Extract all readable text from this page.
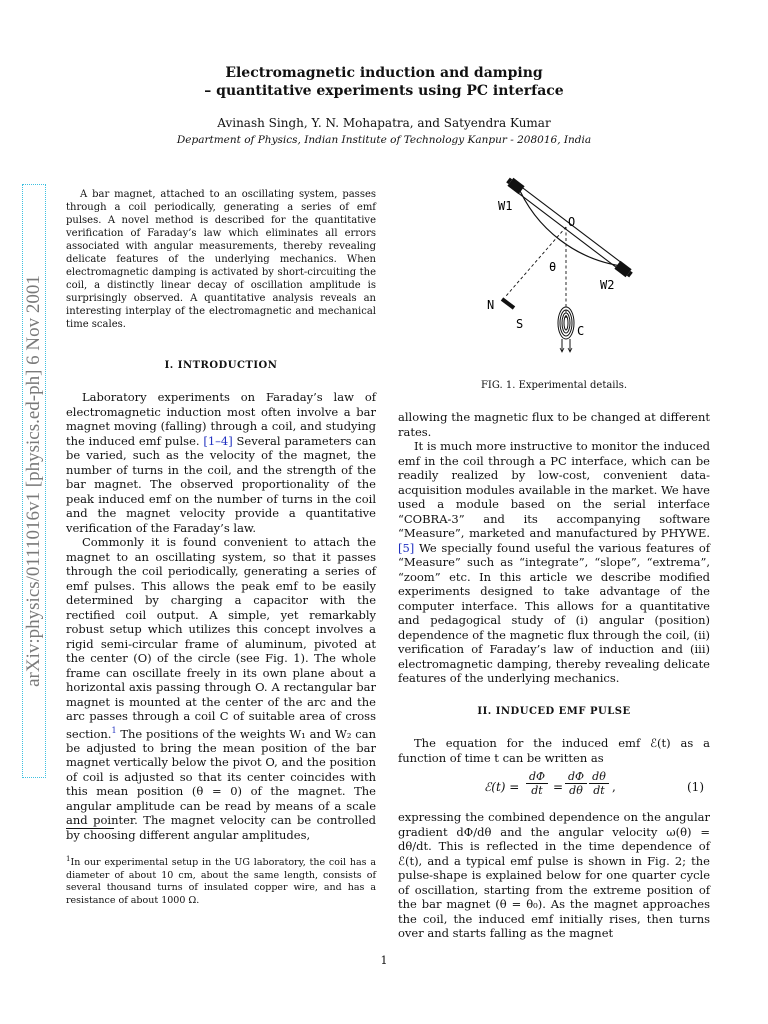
Electromagnetic induction and damping
– quantitative experiments using PC interface
Avinash Singh, Y. N. Mohapatra, and Satyendra Kumar
Department of Physics, Indian Institute of Technology Kanpur - 208016, India
arXiv:physics/0111016v1 [physics.ed-ph] 6 Nov 2001

A bar magnet, attached to an oscillating system, passes through a coil periodically, generating a series of emf pulses. A novel method is described for the quantitative verification of Faraday’s law which eliminates all errors associated with angular measurements, thereby revealing delicate features of the underlying mechanics. When electromagnetic damping is activated by short-circuiting the coil, a distinctly linear decay of oscillation amplitude is surprisingly observed. A quantitative analysis reveals an interesting interplay of the electromagnetic and mechanical time scales.

I. INTRODUCTION

Laboratory experiments on Faraday’s law of electromagnetic induction most often involve a bar magnet moving (falling) through a coil, and studying the induced emf pulse. [1–4] Several parameters can be varied, such as the velocity of the magnet, the number of turns in the coil, and the strength of the bar magnet. The observed proportionality of the peak induced emf on the number of turns in the coil and the magnet velocity provide a quantitative verification of the Faraday’s law.

Commonly it is found convenient to attach the magnet to an oscillating system, so that it passes through the coil periodically, generating a series of emf pulses. This allows the peak emf to be easily determined by charging a capacitor with the rectified coil output. A simple, yet remarkably robust setup which utilizes this concept involves a rigid semi-circular frame of aluminum, pivoted at the center (O) of the circle (see Fig. 1). The whole frame can oscillate freely in its own plane about a horizontal axis passing through O. A rectangular bar magnet is mounted at the center of the arc and the arc passes through a coil C of suitable area of cross section.$^1$ The positions of the weights W₁ and W₂ can be adjusted to bring the mean position of the bar magnet vertically below the pivot O, and the position of coil is adjusted so that its center coincides with this mean position (θ = 0) of the magnet. The angular amplitude can be read by means of a scale and pointer. The magnet velocity can be controlled by choosing different angular amplitudes,

$^1$In our experimental setup in the UG laboratory, the coil has a diameter of about 10 cm, about the same length, consists of several thousand turns of insulated copper wire, and has a resistance of about 1000 Ω.
W1
O
θ
W2
N
S	C
FIG. 1. Experimental details.

allowing the magnetic flux to be changed at different rates.

It is much more instructive to monitor the induced emf in the coil through a PC interface, which can be readily realized by low-cost, convenient data-acquisition modules available in the market. We have used a module based on the serial interface “COBRA-3” and its accompanying software “Measure”, marketed and manufactured by PHYWE. [5] We specially found useful the various features of “Measure” such as “integrate”, “slope”, “extrema”, “zoom” etc. In this article we describe modified experiments designed to take advantage of the computer interface. This allows for a quantitative and pedagogical study of (i) angular (position) dependence of the magnetic flux through the coil, (ii) verification of Faraday’s law of induction and (iii) electromagnetic damping, thereby revealing delicate features of the underlying mechanics.

II. INDUCED EMF PULSE

The equation for the induced emf ℰ(t) as a function of time t can be written as

ℰ(t) = $\frac{d\Phi}{dt} = \frac{d\Phi}{d\theta} \frac{d\theta}{dt}$ ,	(1)

expressing the combined dependence on the angular gradient dΦ/dθ and the angular velocity ω(θ) = dθ/dt. This is reflected in the time dependence of ℰ(t), and a typical emf pulse is shown in Fig. 2; the pulse-shape is explained below for one quarter cycle of oscillation, starting from the extreme position of the bar magnet (θ = θ₀). As the magnet approaches the coil, the induced emf initially rises, then turns over and starts falling as the magnet

1
